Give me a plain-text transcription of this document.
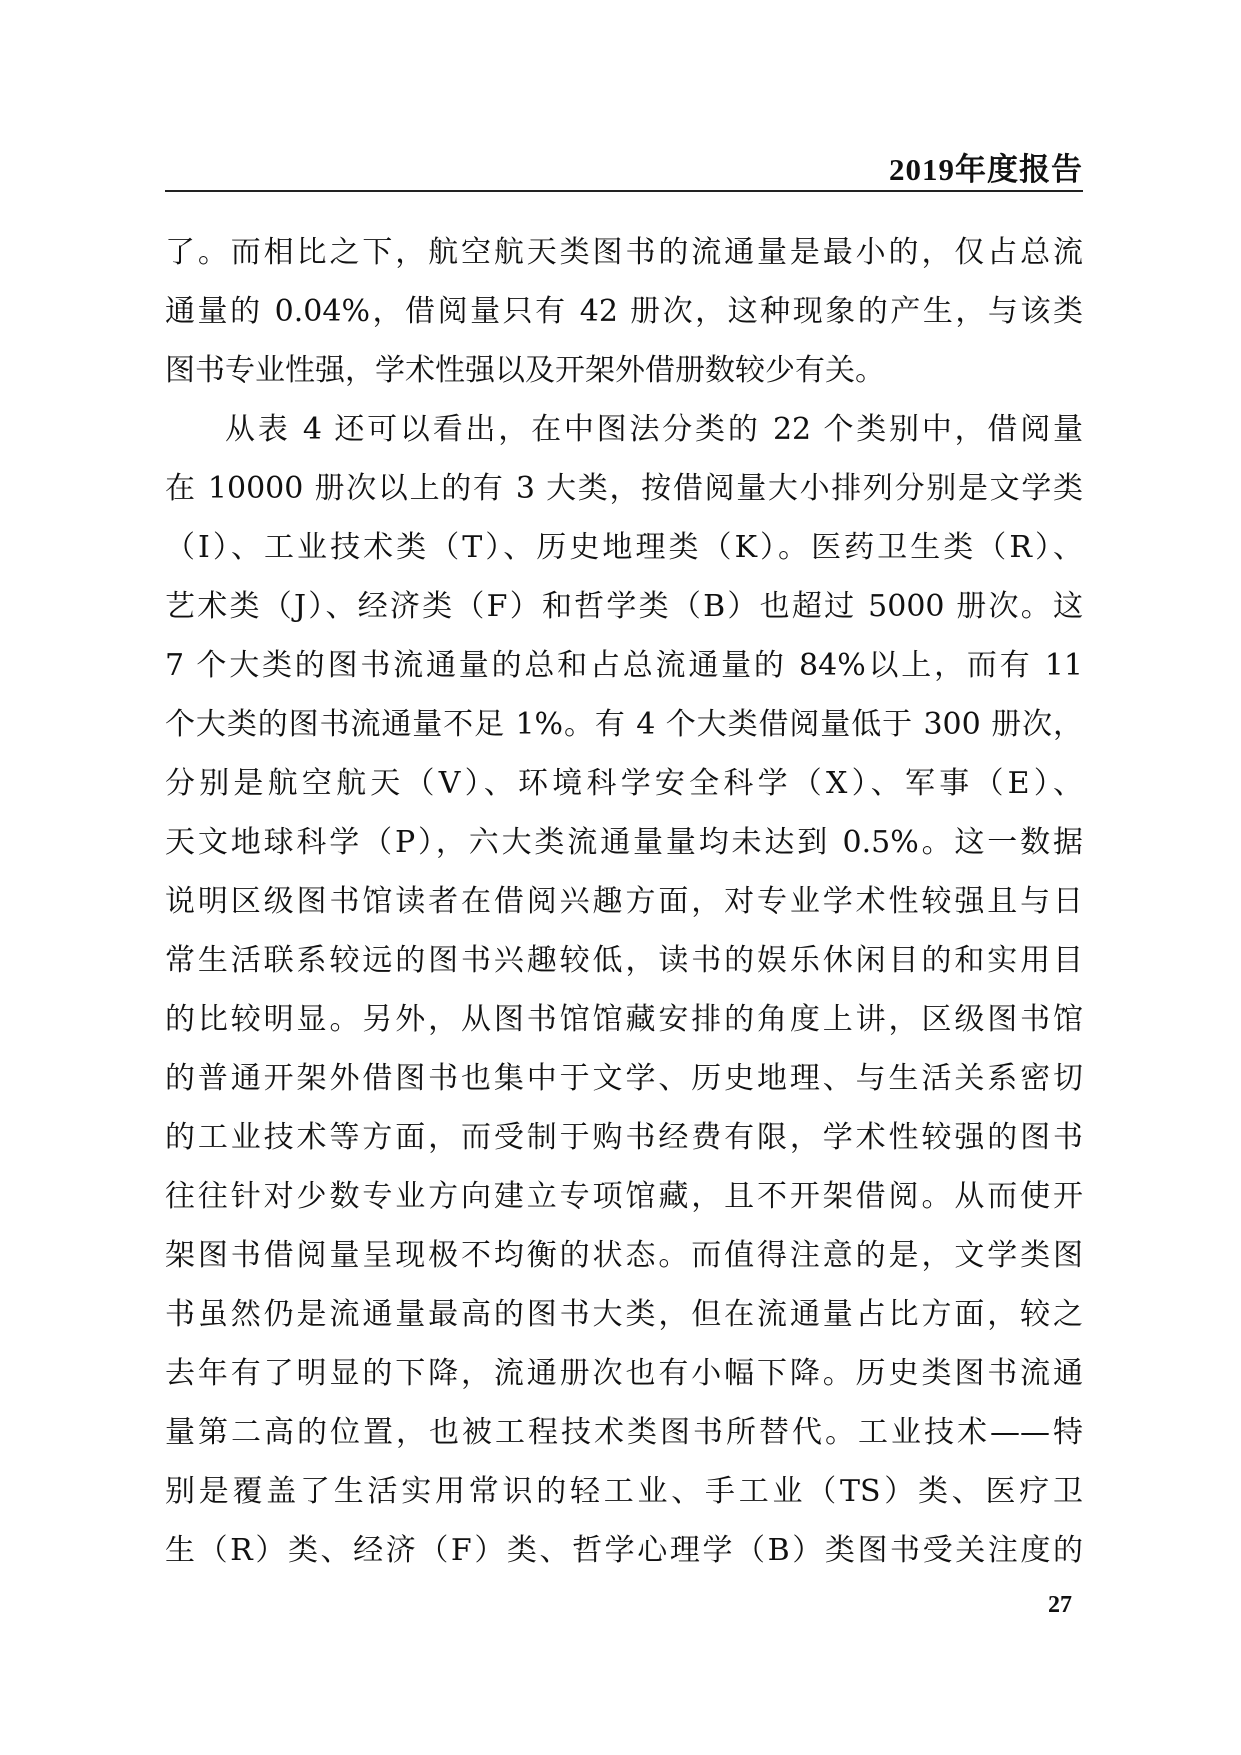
2019年度报告
了。而相比之下，航空航天类图书的流通量是最小的，仅占总流
通量的 0.04%，借阅量只有 42 册次，这种现象的产生，与该类
图书专业性强，学术性强以及开架外借册数较少有关。
从表 4 还可以看出，在中图法分类的 22 个类别中，借阅量
在 10000 册次以上的有 3 大类，按借阅量大小排列分别是文学类
（I）、工业技术类（T）、历史地理类（K）。医药卫生类（R）、
艺术类（J）、经济类（F）和哲学类（B）也超过 5000 册次。这
7 个大类的图书流通量的总和占总流通量的 84%以上，而有 11
个大类的图书流通量不足 1%。有 4 个大类借阅量低于 300 册次，
分别是航空航天（V）、环境科学安全科学（X）、军事（E）、
天文地球科学（P），六大类流通量量均未达到 0.5%。这一数据
说明区级图书馆读者在借阅兴趣方面，对专业学术性较强且与日
常生活联系较远的图书兴趣较低，读书的娱乐休闲目的和实用目
的比较明显。另外，从图书馆馆藏安排的角度上讲，区级图书馆
的普通开架外借图书也集中于文学、历史地理、与生活关系密切
的工业技术等方面，而受制于购书经费有限，学术性较强的图书
往往针对少数专业方向建立专项馆藏，且不开架借阅。从而使开
架图书借阅量呈现极不均衡的状态。而值得注意的是，文学类图
书虽然仍是流通量最高的图书大类，但在流通量占比方面，较之
去年有了明显的下降，流通册次也有小幅下降。历史类图书流通
量第二高的位置，也被工程技术类图书所替代。工业技术——特
别是覆盖了生活实用常识的轻工业、手工业（TS）类、医疗卫
生（R）类、经济（F）类、哲学心理学（B）类图书受关注度的
27
